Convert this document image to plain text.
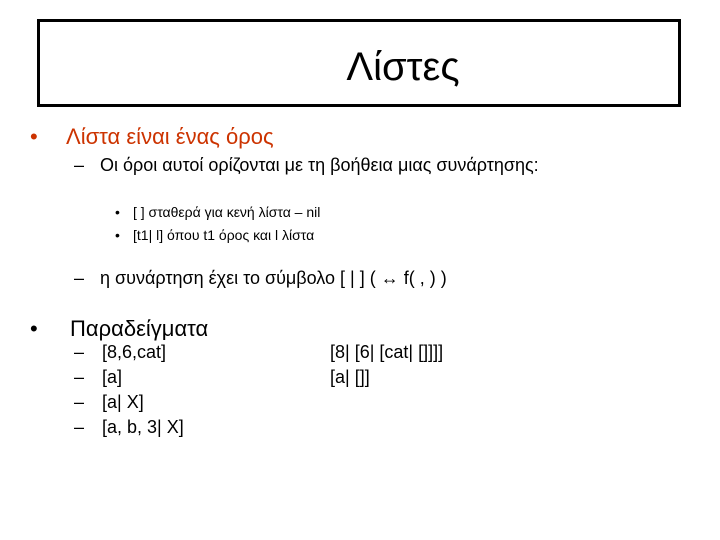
Λίστες
• Λίστα είναι ένας όρος
– Οι όροι αυτοί ορίζονται με τη βοήθεια μιας συνάρτησης:
• [ ] σταθερά για κενή λίστα – nil
• [t1| l] όπου t1 όρος και l λίστα
– η συνάρτηση έχει το σύμβολο [ | ] ( ↔ f( , ) )
• Παραδείγματα
– [8,6,cat]
– [a]
– [a| X]
– [a, b, 3| X]
[8| [6| [cat| []]]]
[a| []]
